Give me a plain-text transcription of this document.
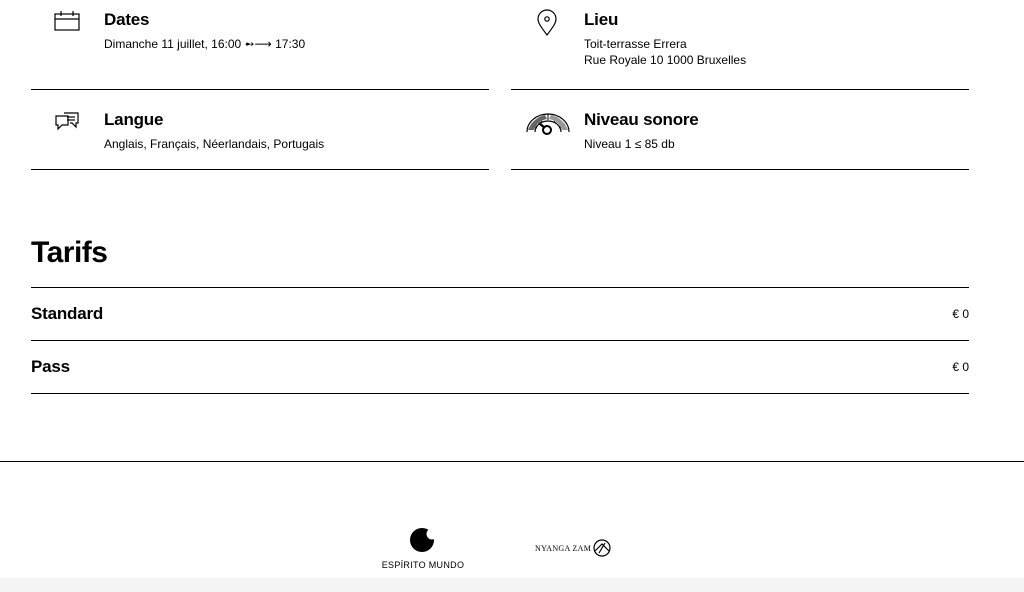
Dates

Dimanche 11 juillet, 16:00 ➻⟶ 17:30

Lieu

Toit-terrasse Errera

Rue Royale 10 1000 Bruxelles

Langue

Anglais, Français, Néerlandais, Portugais

Niveau sonore

Niveau 1 ≤ 85 db

Tarifs
Standard	€ 0
Pass	€ 0
ESPÍRITO MUNDO
NYANGA ZAM
